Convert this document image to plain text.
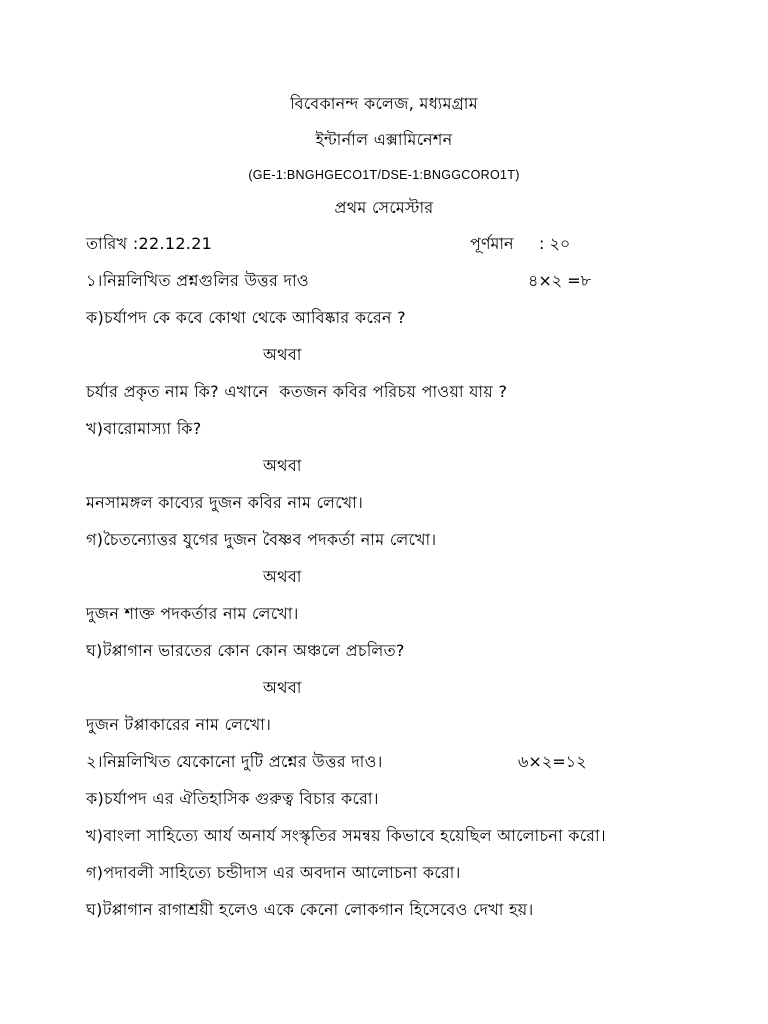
বিবেকানন্দ কলেজ, মধ্যমগ্রাম
ইন্টার্নাল এক্সামিনেশন
(GE-1:BNGHGECO1T/DSE-1:BNGGCORO1T)
প্রথম সেমেস্টার
তারিখ :22.12.21	পূর্ণমান     : ২০
১।নিম্নলিখিত প্রশ্নগুলির উত্তর দাও	৪×২ =৮
ক)চর্যাপদ কে কবে কোথা থেকে আবিষ্কার করেন ?
অথবা
চর্যার প্রকৃত নাম কি? এখানে  কতজন কবির পরিচয় পাওয়া যায় ?
খ)বারোমাস্যা কি?
অথবা
মনসামঙ্গল কাব্যের দুজন কবির নাম লেখো।
গ)চৈতন্যোত্তর যুগের দুজন বৈষ্ণব পদকর্তা নাম লেখো।
অথবা
দুজন শাক্ত পদকর্তার নাম লেখো।
ঘ)টপ্পাগান ভারতের কোন কোন অঞ্চলে প্রচলিত?
অথবা
দুজন টপ্পাকারের নাম লেখো।
২।নিম্নলিখিত যেকোনো দুটি প্রশ্নের উত্তর দাও।	৬×২=১২
ক)চর্যাপদ এর ঐতিহাসিক গুরুত্ব বিচার করো।
খ)বাংলা সাহিত্যে আর্য অনার্য সংস্কৃতির সমন্বয় কিভাবে হয়েছিল আলোচনা করো।
গ)পদাবলী সাহিত্যে চন্ডীদাস এর অবদান আলোচনা করো।
ঘ)টপ্পাগান রাগাশ্রয়ী হলেও একে কেনো লোকগান হিসেবেও দেখা হয়।
